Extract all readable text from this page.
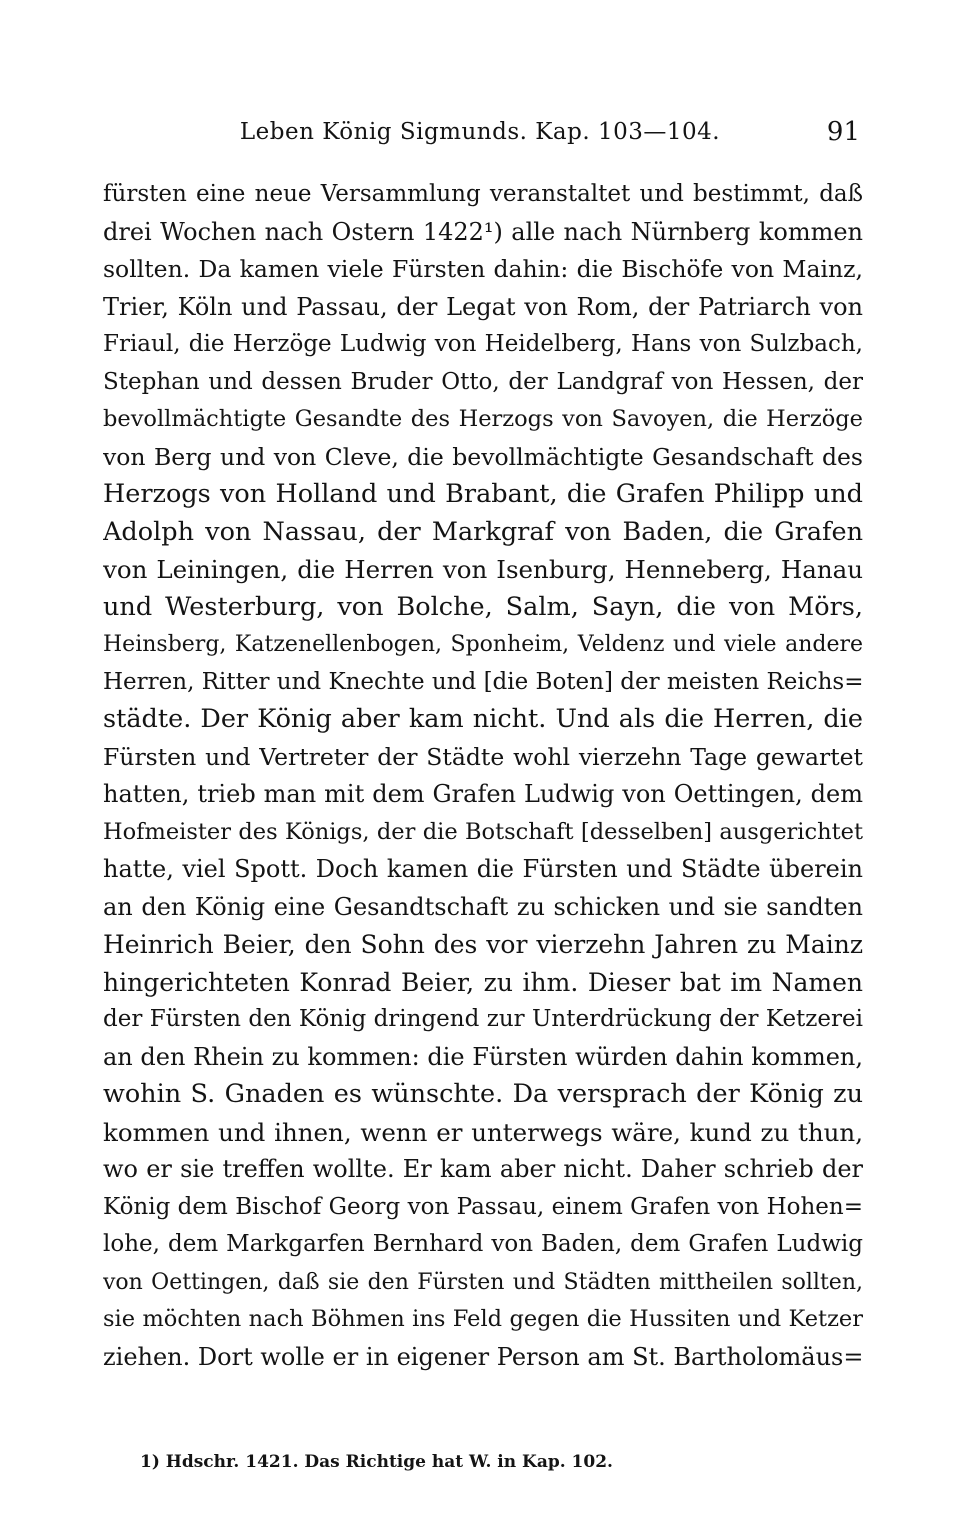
Leben König Sigmunds. Kap. 103—104.	91
fürsten eine neue Versammlung veranstaltet und bestimmt, daß
drei Wochen nach Ostern 1422¹) alle nach Nürnberg kommen
sollten. Da kamen viele Fürsten dahin: die Bischöfe von Mainz,
Trier, Köln und Passau, der Legat von Rom, der Patriarch von
Friaul, die Herzöge Ludwig von Heidelberg, Hans von Sulzbach,
Stephan und dessen Bruder Otto, der Landgraf von Hessen, der
bevollmächtigte Gesandte des Herzogs von Savoyen, die Herzöge
von Berg und von Cleve, die bevollmächtigte Gesandschaft des
Herzogs von Holland und Brabant, die Grafen Philipp und
Adolph von Nassau, der Markgraf von Baden, die Grafen
von Leiningen, die Herren von Isenburg, Henneberg, Hanau
und Westerburg, von Bolche, Salm, Sayn, die von Mörs,
Heinsberg, Katzenellenbogen, Sponheim, Veldenz und viele andere
Herren, Ritter und Knechte und [die Boten] der meisten Reichs=
städte. Der König aber kam nicht. Und als die Herren, die
Fürsten und Vertreter der Städte wohl vierzehn Tage gewartet
hatten, trieb man mit dem Grafen Ludwig von Oettingen, dem
Hofmeister des Königs, der die Botschaft [desselben] ausgerichtet
hatte, viel Spott. Doch kamen die Fürsten und Städte überein
an den König eine Gesandtschaft zu schicken und sie sandten
Heinrich Beier, den Sohn des vor vierzehn Jahren zu Mainz
hingerichteten Konrad Beier, zu ihm. Dieser bat im Namen
der Fürsten den König dringend zur Unterdrückung der Ketzerei
an den Rhein zu kommen: die Fürsten würden dahin kommen,
wohin S. Gnaden es wünschte. Da versprach der König zu
kommen und ihnen, wenn er unterwegs wäre, kund zu thun,
wo er sie treffen wollte. Er kam aber nicht. Daher schrieb der
König dem Bischof Georg von Passau, einem Grafen von Hohen=
lohe, dem Markgarfen Bernhard von Baden, dem Grafen Ludwig
von Oettingen, daß sie den Fürsten und Städten mittheilen sollten,
sie möchten nach Böhmen ins Feld gegen die Hussiten und Ketzer
ziehen. Dort wolle er in eigener Person am St. Bartholomäus=
1) Hdschr. 1421. Das Richtige hat W. in Kap. 102.
